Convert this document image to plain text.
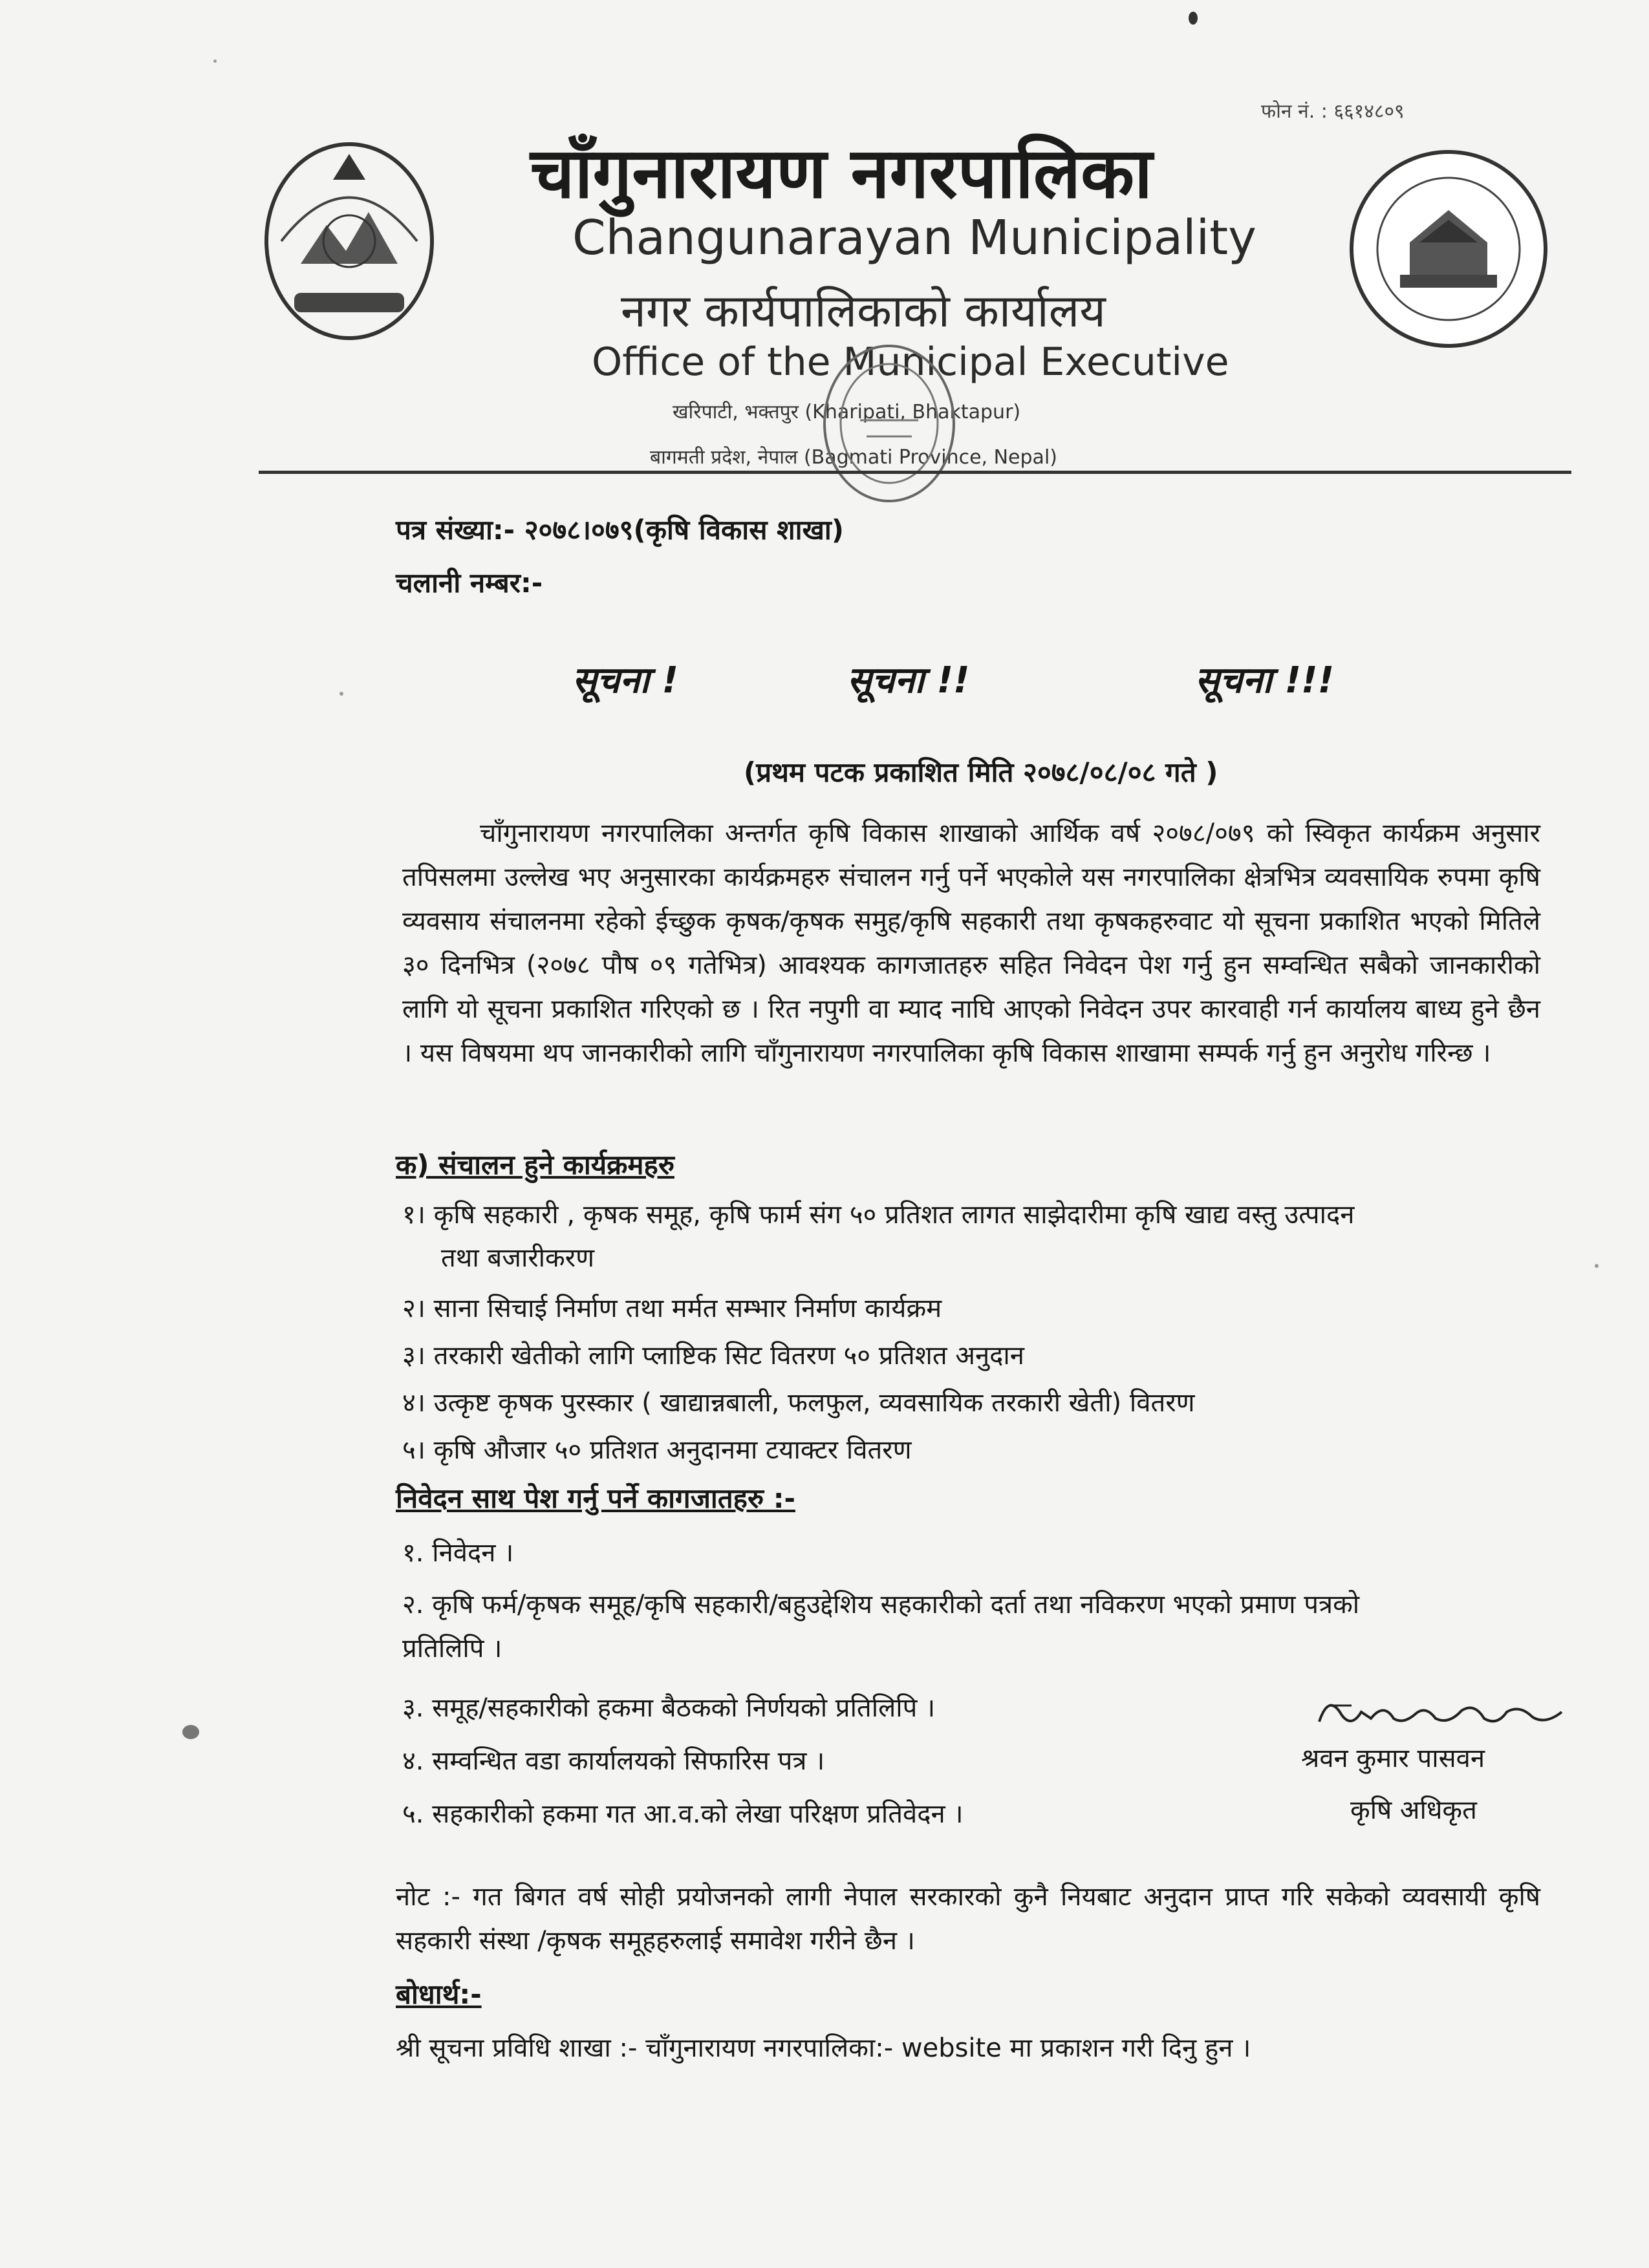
फोन नं. : ६६१४८०९
चाँगुनारायण नगरपालिका
Changunarayan Municipality
नगर कार्यपालिकाको कार्यालय
Office of the Municipal Executive
खरिपाटी, भक्तपुर (Kharipati, Bhaktapur)
बागमती प्रदेश, नेपाल (Bagmati Province, Nepal)
पत्र संख्या:- २०७८।०७९(कृषि विकास शाखा)
चलानी नम्बर:-
सूचना !	सूचना !!	सूचना !!!
(प्रथम पटक प्रकाशित मिति २०७८/०८/०८ गते )
चाँगुनारायण नगरपालिका अन्तर्गत कृषि विकास शाखाको आर्थिक वर्ष २०७८/०७९ को स्विकृत कार्यक्रम अनुसार तपिसलमा उल्लेख भए अनुसारका कार्यक्रमहरु संचालन गर्नु पर्ने भएकोले यस नगरपालिका क्षेत्रभित्र व्यवसायिक रुपमा कृषि व्यवसाय संचालनमा रहेको ईच्छुक कृषक/कृषक समुह/कृषि सहकारी तथा कृषकहरुवाट यो सूचना प्रकाशित भएको मितिले ३० दिनभित्र (२०७८ पौष ०९ गतेभित्र) आवश्यक कागजातहरु सहित निवेदन पेश गर्नु हुन सम्वन्धित सबैको जानकारीको लागि यो सूचना प्रकाशित गरिएको छ । रित नपुगी वा म्याद नाघि आएको निवेदन उपर कारवाही गर्न कार्यालय बाध्य हुने छैन । यस विषयमा थप जानकारीको लागि चाँगुनारायण नगरपालिका कृषि विकास शाखामा सम्पर्क गर्नु हुन अनुरोध गरिन्छ ।
क) संचालन हुने कार्यक्रमहरु
१। कृषि सहकारी , कृषक समूह, कृषि फार्म संग ५० प्रतिशत लागत साझेदारीमा कृषि खाद्य वस्तु उत्पादन
तथा बजारीकरण
२। साना सिचाई निर्माण तथा मर्मत सम्भार निर्माण कार्यक्रम
३। तरकारी खेतीको लागि प्लाष्टिक सिट वितरण ५० प्रतिशत अनुदान
४। उत्कृष्ट कृषक पुरस्कार ( खाद्यान्नबाली, फलफुल, व्यवसायिक तरकारी खेती) वितरण
५। कृषि औजार ५० प्रतिशत अनुदानमा टयाक्टर वितरण
निवेदन साथ पेश गर्नु पर्ने कागजातहरु :-
१. निवेदन ।
२. कृषि फर्म/कृषक समूह/कृषि सहकारी/बहुउद्देशिय सहकारीको दर्ता तथा नविकरण भएको प्रमाण पत्रको
प्रतिलिपि ।
३. समूह/सहकारीको हकमा बैठकको निर्णयको प्रतिलिपि ।
४. सम्वन्धित वडा कार्यालयको सिफारिस पत्र ।
५. सहकारीको हकमा गत आ.व.को लेखा परिक्षण प्रतिवेदन ।
श्रवन कुमार पासवन
कृषि अधिकृत
नोट :- गत बिगत वर्ष सोही प्रयोजनको लागी नेपाल सरकारको कुनै नियबाट अनुदान प्राप्त गरि सकेको व्यवसायी कृषि सहकारी संस्था /कृषक समूहहरुलाई समावेश गरीने छैन ।
बोधार्थ:-
श्री सूचना प्रविधि शाखा :- चाँगुनारायण नगरपालिका:- website मा प्रकाशन गरी दिनु हुन ।
